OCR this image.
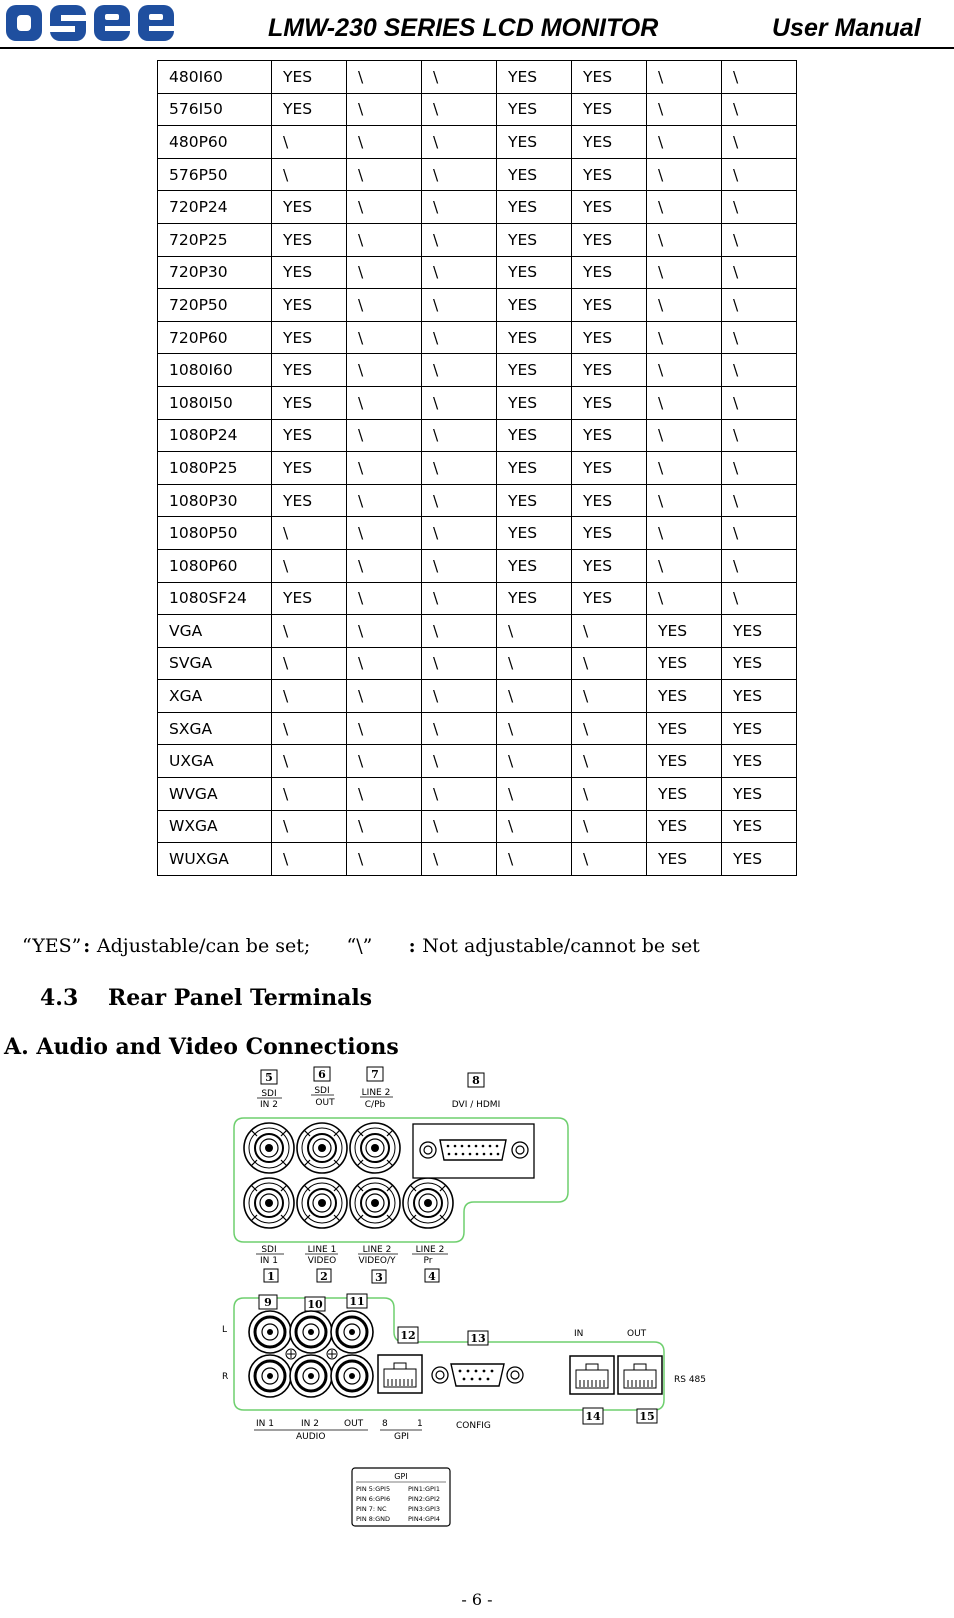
osee	LMW-230 SERIES LCD MONITOR	User Manual
480I60	YES	\	\	YES	YES	\	\
576I50	YES	\	\	YES	YES	\	\
480P60	\	\	\	YES	YES	\	\
576P50	\	\	\	YES	YES	\	\
720P24	YES	\	\	YES	YES	\	\
720P25	YES	\	\	YES	YES	\	\
720P30	YES	\	\	YES	YES	\	\
720P50	YES	\	\	YES	YES	\	\
720P60	YES	\	\	YES	YES	\	\
1080I60	YES	\	\	YES	YES	\	\
1080I50	YES	\	\	YES	YES	\	\
1080P24	YES	\	\	YES	YES	\	\
1080P25	YES	\	\	YES	YES	\	\
1080P30	YES	\	\	YES	YES	\	\
1080P50	\	\	\	YES	YES	\	\
1080P60	\	\	\	YES	YES	\	\
1080SF24	YES	\	\	YES	YES	\	\
VGA	\	\	\	\	\	YES	YES
SVGA	\	\	\	\	\	YES	YES
XGA	\	\	\	\	\	YES	YES
SXGA	\	\	\	\	\	YES	YES
UXGA	\	\	\	\	\	YES	YES
WVGA	\	\	\	\	\	YES	YES
WXGA	\	\	\	\	\	YES	YES
WUXGA	\	\	\	\	\	YES	YES
“YES” : Adjustable/can be set; “\” : Not adjustable/cannot be set
4.3 Rear Panel Terminals
A. Audio and Video Connections
5
SDI
IN 2
6
SDI
OUT
7
LINE 2
C/Pb
8
DVI / HDMI
SDI
IN 1
1
LINE 1
VIDEO
2
LINE 2
VIDEO/Y
3
LINE 2
Pr
4
9	10 11
12	13
14	15
L
R
IN	OUT
RS 485
IN 1	IN 2	OUT
AUDIO
8	1
GPI
CONFIG
GPI
PIN 5:GPI5
PIN 6:GPI6
PIN 7: NC
PIN 8:GND
PIN1:GPI1
PIN2:GPI2
PIN3:GPI3
PIN4:GPI4
- 6 -
